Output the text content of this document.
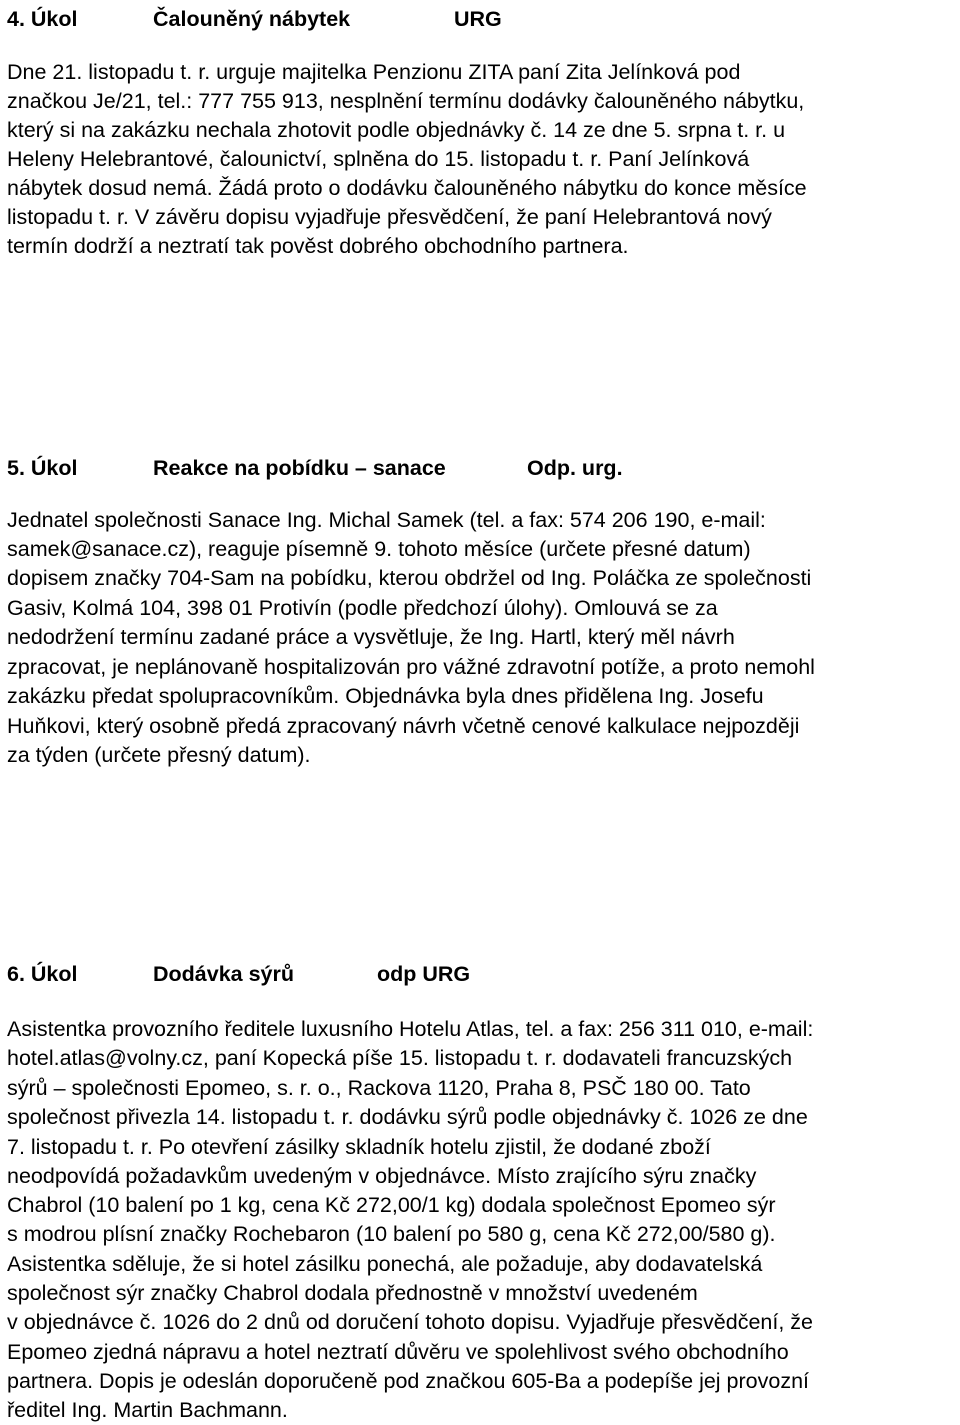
4. Úkol	Čalouněný nábytek	URG
Dne 21. listopadu t. r. urguje majitelka Penzionu ZITA paní Zita Jelínková pod
značkou Je/21, tel.: 777 755 913, nesplnění termínu dodávky čalouněného nábytku,
který si na zakázku nechala zhotovit podle objednávky č. 14 ze dne 5. srpna t. r. u
Heleny Helebrantové, čalounictví, splněna do 15. listopadu t. r. Paní Jelínková
nábytek dosud nemá. Žádá proto o dodávku čalouněného nábytku do konce měsíce
listopadu t. r. V závěru dopisu vyjadřuje přesvědčení, že paní Helebrantová nový
termín dodrží a neztratí tak pověst dobrého obchodního partnera.
5. Úkol	Reakce na pobídku – sanace	Odp. urg.
Jednatel společnosti Sanace Ing. Michal Samek (tel. a fax: 574 206 190, e-mail:
samek@sanace.cz), reaguje písemně 9. tohoto měsíce (určete přesné datum)
dopisem značky 704-Sam na pobídku, kterou obdržel od Ing. Poláčka ze společnosti
Gasiv, Kolmá 104, 398 01 Protivín (podle předchozí úlohy). Omlouvá se za
nedodržení termínu zadané práce a vysvětluje, že Ing. Hartl, který měl návrh
zpracovat, je neplánovaně hospitalizován pro vážné zdravotní potíže, a proto nemohl
zakázku předat spolupracovníkům. Objednávka byla dnes přidělena Ing. Josefu
Huňkovi, který osobně předá zpracovaný návrh včetně cenové kalkulace nejpozději
za týden (určete přesný datum).
6. Úkol	Dodávka sýrů	odp URG
Asistentka provozního ředitele luxusního Hotelu Atlas, tel. a fax: 256 311 010, e-mail:
hotel.atlas@volny.cz, paní Kopecká píše 15. listopadu t. r. dodavateli francuzských
sýrů – společnosti Epomeo, s. r. o., Rackova 1120, Praha 8, PSČ 180 00. Tato
společnost přivezla 14. listopadu t. r. dodávku sýrů podle objednávky č. 1026 ze dne
7. listopadu t. r. Po otevření zásilky skladník hotelu zjistil, že dodané zboží
neodpovídá požadavkům uvedeným v objednávce. Místo zrajícího sýru značky
Chabrol (10 balení po 1 kg, cena Kč 272,00/1 kg) dodala společnost Epomeo sýr
s modrou plísní značky Rochebaron (10 balení po 580 g, cena Kč 272,00/580 g).
Asistentka sděluje, že si hotel zásilku ponechá, ale požaduje, aby dodavatelská
společnost sýr značky Chabrol dodala přednostně v množství uvedeném
v objednávce č. 1026 do 2 dnů od doručení tohoto dopisu. Vyjadřuje přesvědčení, že
Epomeo zjedná nápravu a hotel neztratí důvěru ve spolehlivost svého obchodního
partnera. Dopis je odeslán doporučeně pod značkou 605-Ba a podepíše jej provozní
ředitel Ing. Martin Bachmann.
